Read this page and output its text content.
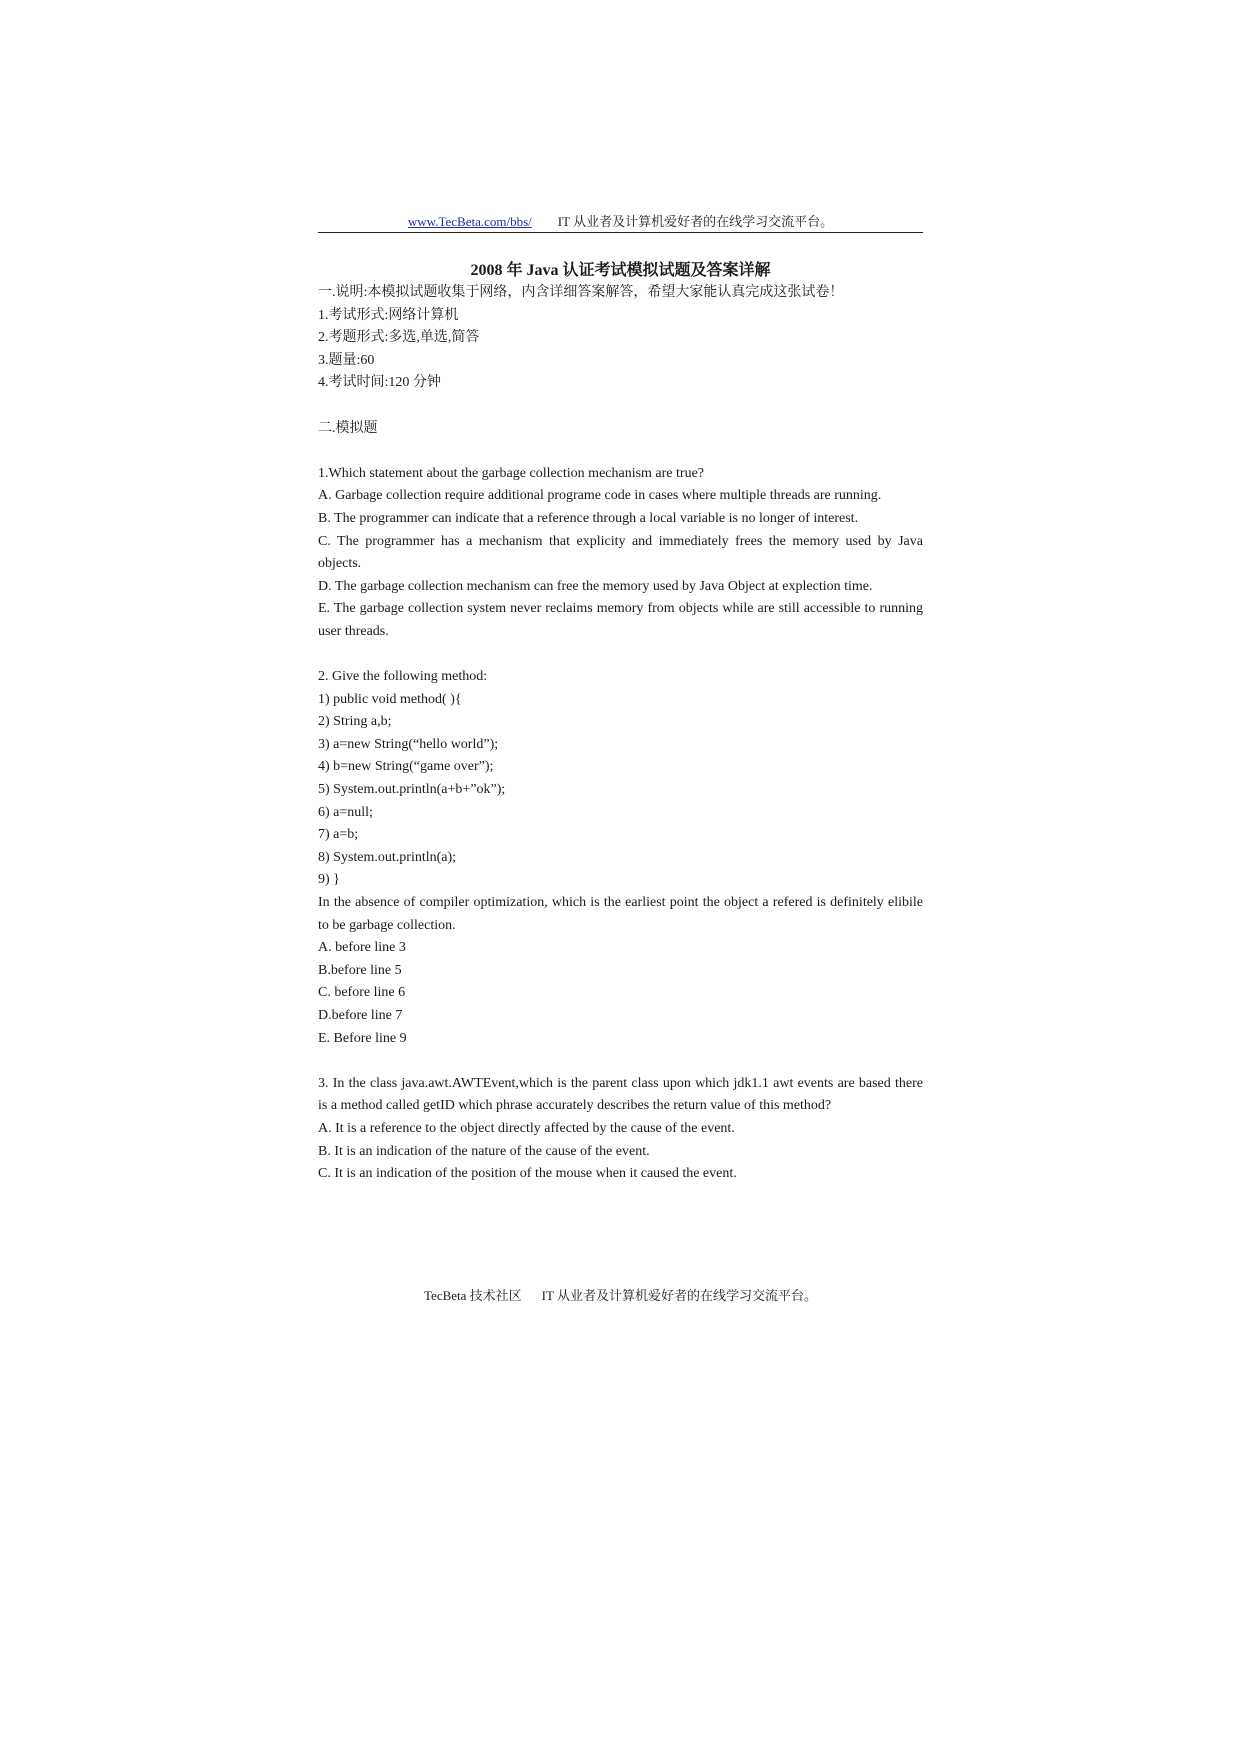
www.TecBeta.com/bbs/ IT 从业者及计算机爱好者的在线学习交流平台。
2008 年 Java 认证考试模拟试题及答案详解
一.说明:本模拟试题收集于网络，内含详细答案解答，希望大家能认真完成这张试卷！
1.考试形式:网络计算机
2.考题形式:多选,单选,简答
3.题量:60
4.考试时间:120 分钟
二.模拟题
1.Which statement about the garbage collection mechanism are true?
A. Garbage collection require additional programe code in cases where multiple threads are running.
B. The programmer can indicate that a reference through a local variable is no longer of interest.
C. The programmer has a mechanism that explicity and immediately frees the memory used by Java objects.
D. The garbage collection mechanism can free the memory used by Java Object at explection time.
E. The garbage collection system never reclaims memory from objects while are still accessible to running user threads.
2. Give the following method:
1) public void method( ){
2) String a,b;
3) a=new String(“hello world”);
4) b=new String(“game over”);
5) System.out.println(a+b+”ok”);
6) a=null;
7) a=b;
8) System.out.println(a);
9) }
In the absence of compiler optimization, which is the earliest point the object a refered is definitely elibile to be garbage collection.
A. before line 3
B.before line 5
C. before line 6
D.before line 7
E. Before line 9
3. In the class java.awt.AWTEvent,which is the parent class upon which jdk1.1 awt events are based there is a method called getID which phrase accurately describes the return value of this method?
A. It is a reference to the object directly affected by the cause of the event.
B. It is an indication of the nature of the cause of the event.
C. It is an indication of the position of the mouse when it caused the event.
TecBeta 技术社区 IT 从业者及计算机爱好者的在线学习交流平台。
